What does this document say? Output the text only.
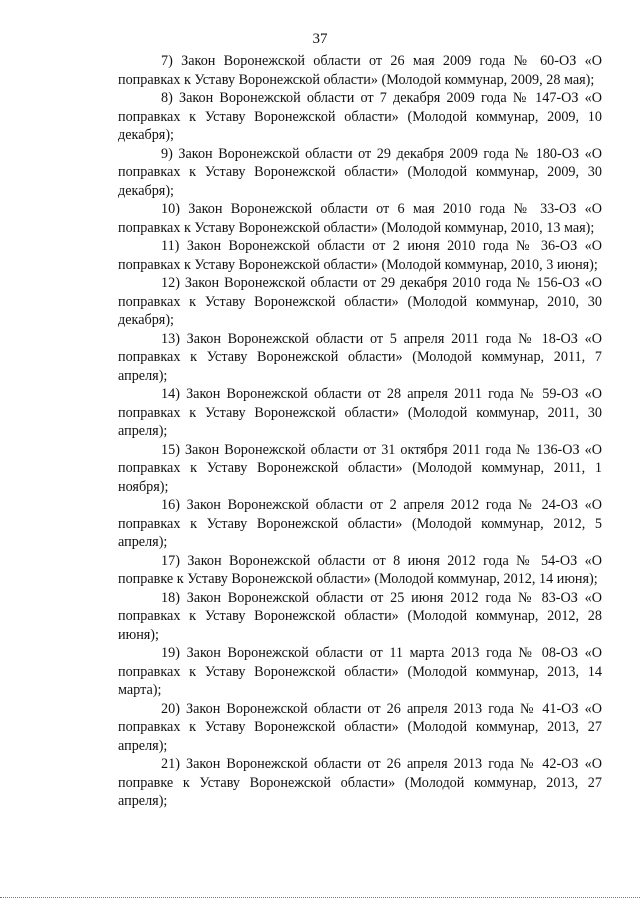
37

7) Закон Воронежской области от 26 мая 2009 года № 60-ОЗ «О поправках к Уставу Воронежской области» (Молодой коммунар, 2009, 28 мая);

8) Закон Воронежской области от 7 декабря 2009 года № 147-ОЗ «О поправках к Уставу Воронежской области» (Молодой коммунар, 2009, 10 декабря);

9) Закон Воронежской области от 29 декабря 2009 года № 180-ОЗ «О поправках к Уставу Воронежской области» (Молодой коммунар, 2009, 30 декабря);

10) Закон Воронежской области от 6 мая 2010 года № 33-ОЗ «О поправках к Уставу Воронежской области» (Молодой коммунар, 2010, 13 мая);

11) Закон Воронежской области от 2 июня 2010 года № 36-ОЗ «О поправках к Уставу Воронежской области» (Молодой коммунар, 2010, 3 июня);

12) Закон Воронежской области от 29 декабря 2010 года № 156-ОЗ «О поправках к Уставу Воронежской области» (Молодой коммунар, 2010, 30 декабря);

13) Закон Воронежской области от 5 апреля 2011 года № 18-ОЗ «О поправках к Уставу Воронежской области» (Молодой коммунар, 2011, 7 апреля);

14) Закон Воронежской области от 28 апреля 2011 года № 59-ОЗ «О поправках к Уставу Воронежской области» (Молодой коммунар, 2011, 30 апреля);

15) Закон Воронежской области от 31 октября 2011 года № 136-ОЗ «О поправках к Уставу Воронежской области» (Молодой коммунар, 2011, 1 ноября);

16) Закон Воронежской области от 2 апреля 2012 года № 24-ОЗ «О поправках к Уставу Воронежской области» (Молодой коммунар, 2012, 5 апреля);

17) Закон Воронежской области от 8 июня 2012 года № 54-ОЗ «О поправке к Уставу Воронежской области» (Молодой коммунар, 2012, 14 июня);

18) Закон Воронежской области от 25 июня 2012 года № 83-ОЗ «О поправках к Уставу Воронежской области» (Молодой коммунар, 2012, 28 июня);

19) Закон Воронежской области от 11 марта 2013 года № 08-ОЗ «О поправках к Уставу Воронежской области» (Молодой коммунар, 2013, 14 марта);

20) Закон Воронежской области от 26 апреля 2013 года № 41-ОЗ «О поправках к Уставу Воронежской области» (Молодой коммунар, 2013, 27 апреля);

21) Закон Воронежской области от 26 апреля 2013 года № 42-ОЗ «О поправке к Уставу Воронежской области» (Молодой коммунар, 2013, 27 апреля);
